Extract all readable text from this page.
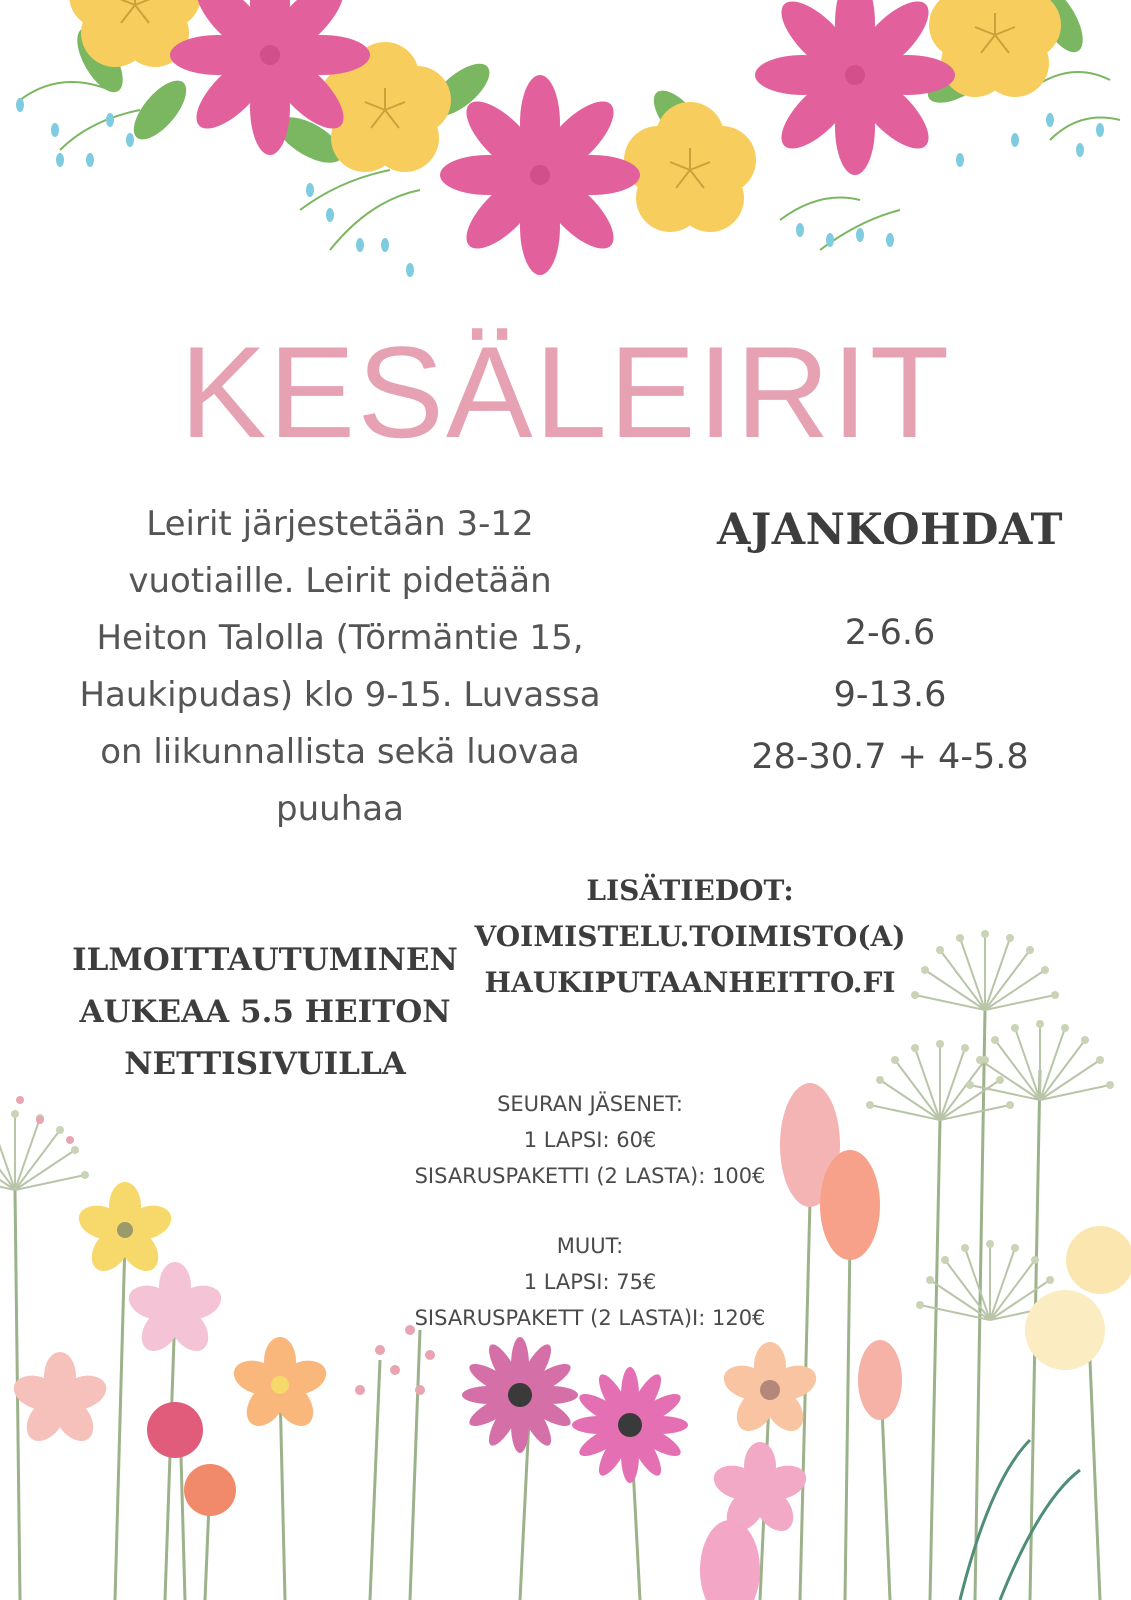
KESÄLEIRIT
Leirit järjestetään 3-12
vuotiaille. Leirit pidetään
Heiton Talolla (Törmäntie 15,
Haukipudas) klo 9-15. Luvassa
on liikunnallista sekä luovaa
puuhaa
AJANKOHDAT
2-6.6
9-13.6
28-30.7 + 4-5.8
LISÄTIEDOT:
VOIMISTELU.TOIMISTO(A)
HAUKIPUTAANHEITTO.FI
ILMOITTAUTUMINEN
AUKEAA 5.5 HEITON
NETTISIVUILLA
SEURAN JÄSENET:
1 LAPSI: 60€
SISARUSPAKETTI (2 LASTA): 100€
MUUT:
1 LAPSI: 75€
SISARUSPAKETT (2 LASTA)I: 120€
